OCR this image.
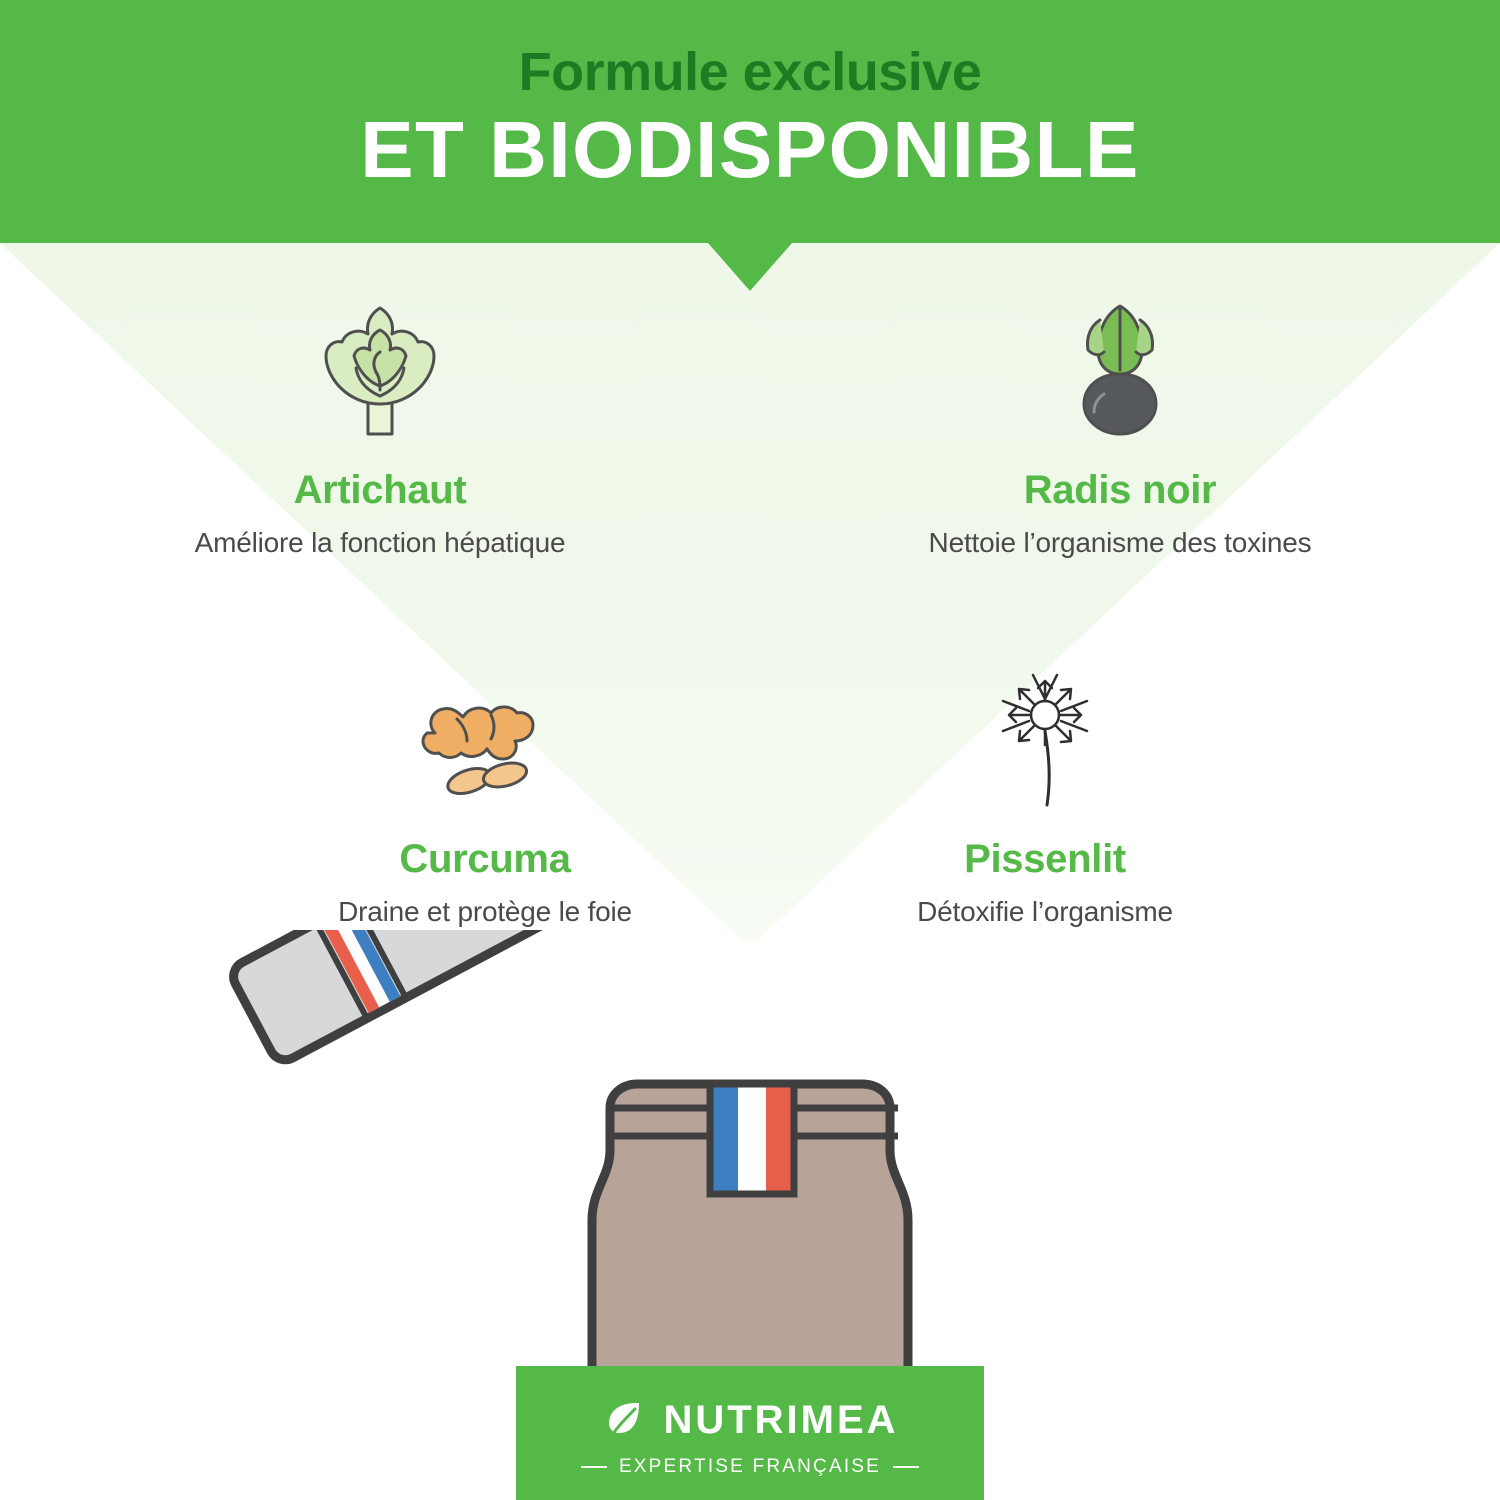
Formule exclusive
ET BIODISPONIBLE
Artichaut
Améliore la fonction hépatique
Radis noir
Nettoie l’organisme des toxines
Curcuma
Draine et protège le foie
Pissenlit
Détoxifie l’organisme
NUTRIMEA
EXPERTISE FRANÇAISE
